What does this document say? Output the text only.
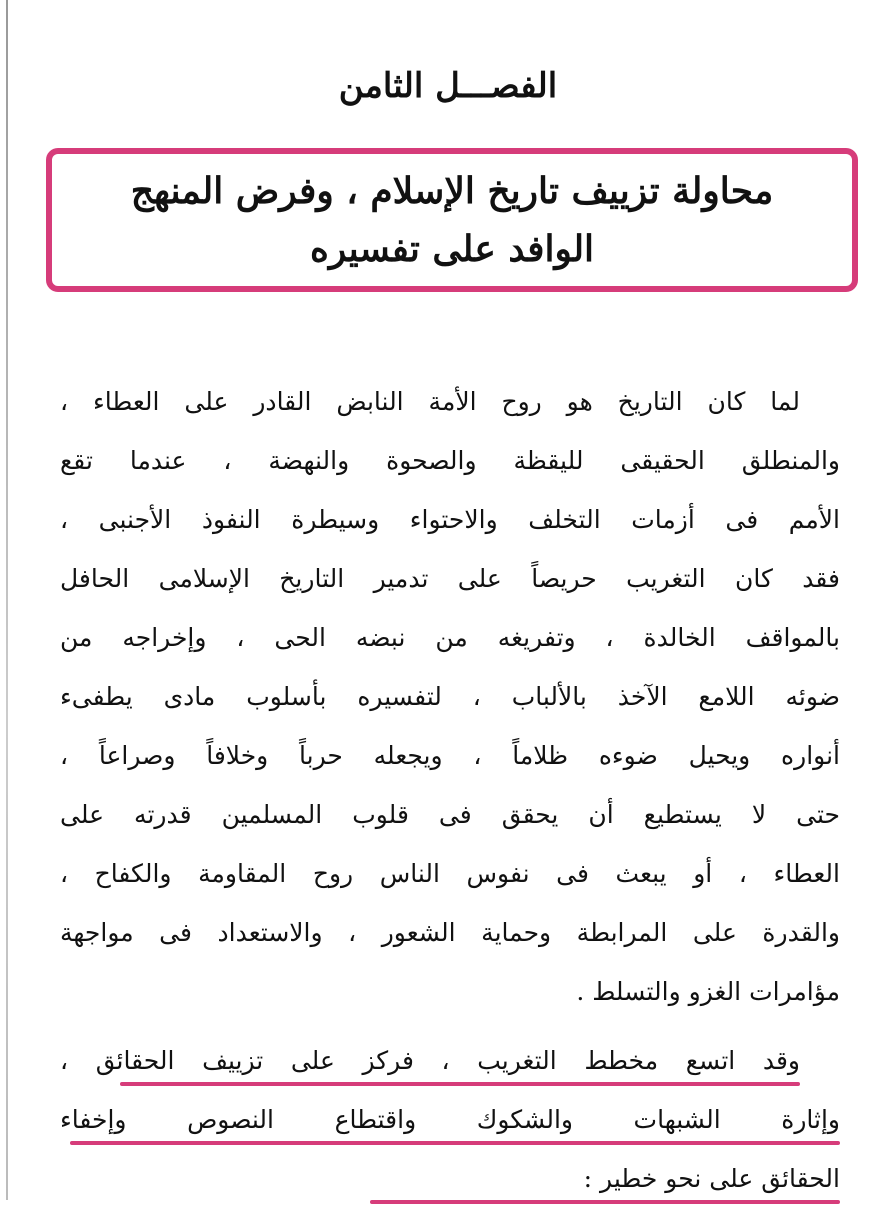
الفصـــل الثامن
محاولة تزييف تاريخ الإسلام ، وفرض المنهج
الوافد على تفسيره
لما كان التاريخ هو روح الأمة النابض القادر على العطاء ،
والمنطلق الحقيقى لليقظة والصحوة والنهضة ، عندما تقع
الأمم فى أزمات التخلف والاحتواء وسيطرة النفوذ الأجنبى ،
فقد كان التغريب حريصاً على تدمير التاريخ الإسلامى الحافل
بالمواقف الخالدة ، وتفريغه من نبضه الحى ، وإخراجه من
ضوئه اللامع الآخذ بالألباب ، لتفسيره بأسلوب مادى يطفىء
أنواره ويحيل ضوءه ظلاماً ، ويجعله حرباً وخلافاً وصراعاً ،
حتى لا يستطيع أن يحقق فى قلوب المسلمين قدرته على
العطاء ، أو يبعث فى نفوس الناس روح المقاومة والكفاح ،
والقدرة على المرابطة وحماية الشعور ، والاستعداد فى مواجهة
مؤامرات الغزو والتسلط .
وقد اتسع مخطط التغريب ، فركز على تزييف الحقائق ،
وإثارة الشبهات والشكوك واقتطاع النصوص وإخفاء
الحقائق على نحو خطير :
